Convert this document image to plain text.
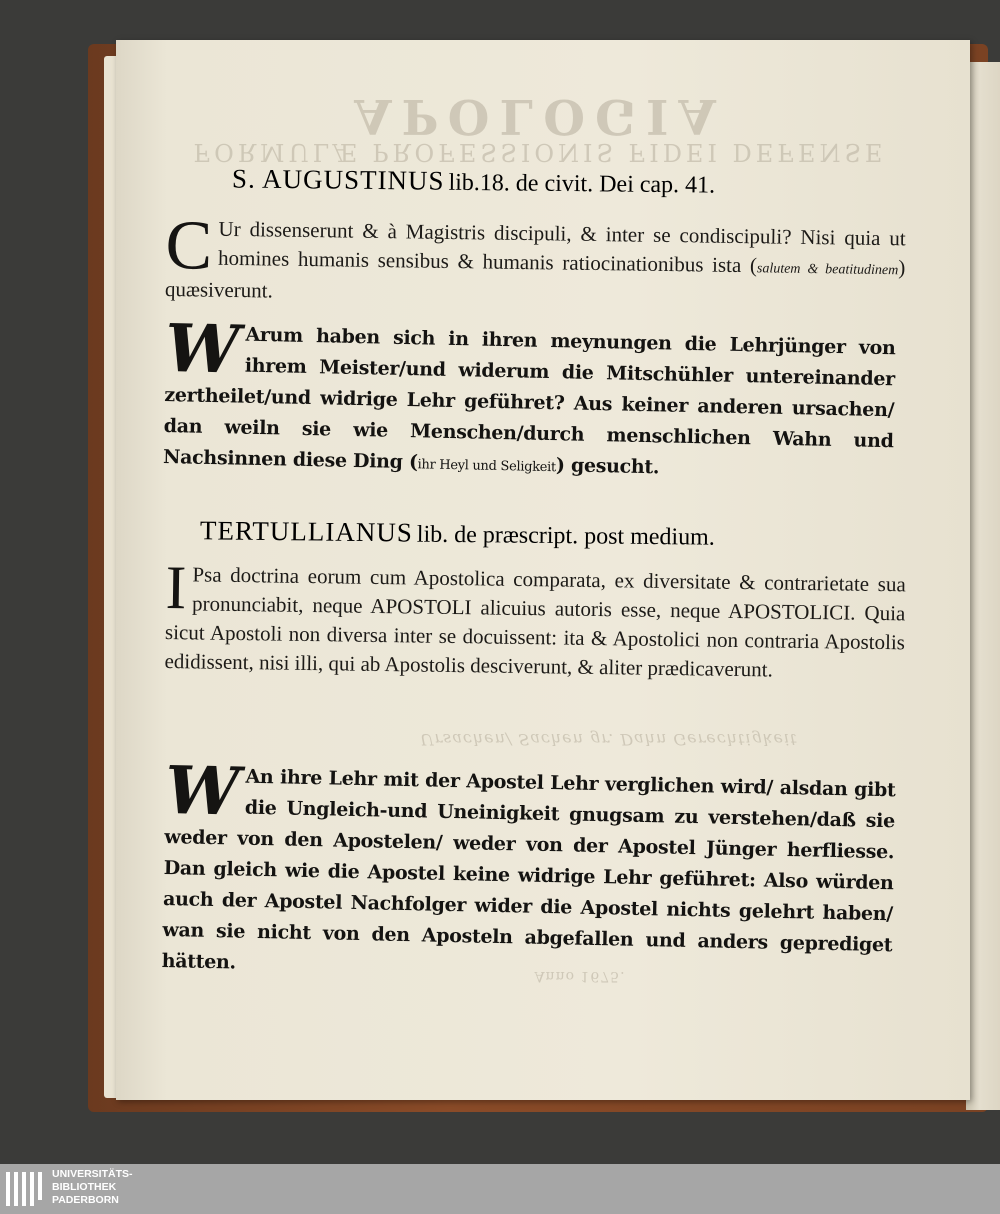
APOLOGIA
FORMULÆ PROFESSIONIS FIDEI DEFENSE
Ursachen/ Sachen gr. Dahn Gerechtigkeit
Anno 1675.
S. AUGUSTINUS lib.18. de civit. Dei cap. 41.
C Ur dissenserunt & à Magistris discipuli, & inter se condiscipuli? Nisi quia ut homines humanis sensibus & humanis ratiocinationibus ista (salutem & beatitudinem) quæsiverunt.
W Arum haben sich in ihren meynungen die Lehrjünger von ihrem Meister/und widerum die Mitschühler untereinander zertheilet/und widrige Lehr geführet? Aus keiner anderen ursachen/ dan weiln sie wie Menschen/durch menschlichen Wahn und Nachsinnen diese Ding (ihr Heyl und Seligkeit) gesucht.
TERTULLIANUS lib. de præscript. post medium.
I Psa doctrina eorum cum Apostolica comparata, ex diversitate & contrarietate sua pronunciabit, neque APOSTOLI alicuius autoris esse, neque APOSTOLICI. Quia sicut Apostoli non diversa inter se docuissent: ita & Apostolici non contraria Apostolis edidissent, nisi illi, qui ab Apostolis desciverunt, & aliter prædicaverunt.
W An ihre Lehr mit der Apostel Lehr verglichen wird/ alsdan gibt die Ungleich-und Uneinigkeit gnugsam zu verstehen/daß sie weder von den Apostelen/ weder von der Apostel Jünger herfliesse. Dan gleich wie die Apostel keine widrige Lehr geführet: Also würden auch der Apostel Nachfolger wider die Apostel nichts gelehrt haben/ wan sie nicht von den Aposteln abgefallen und anders geprediget hätten.
UNIVERSITÄTS-
BIBLIOTHEK
PADERBORN
